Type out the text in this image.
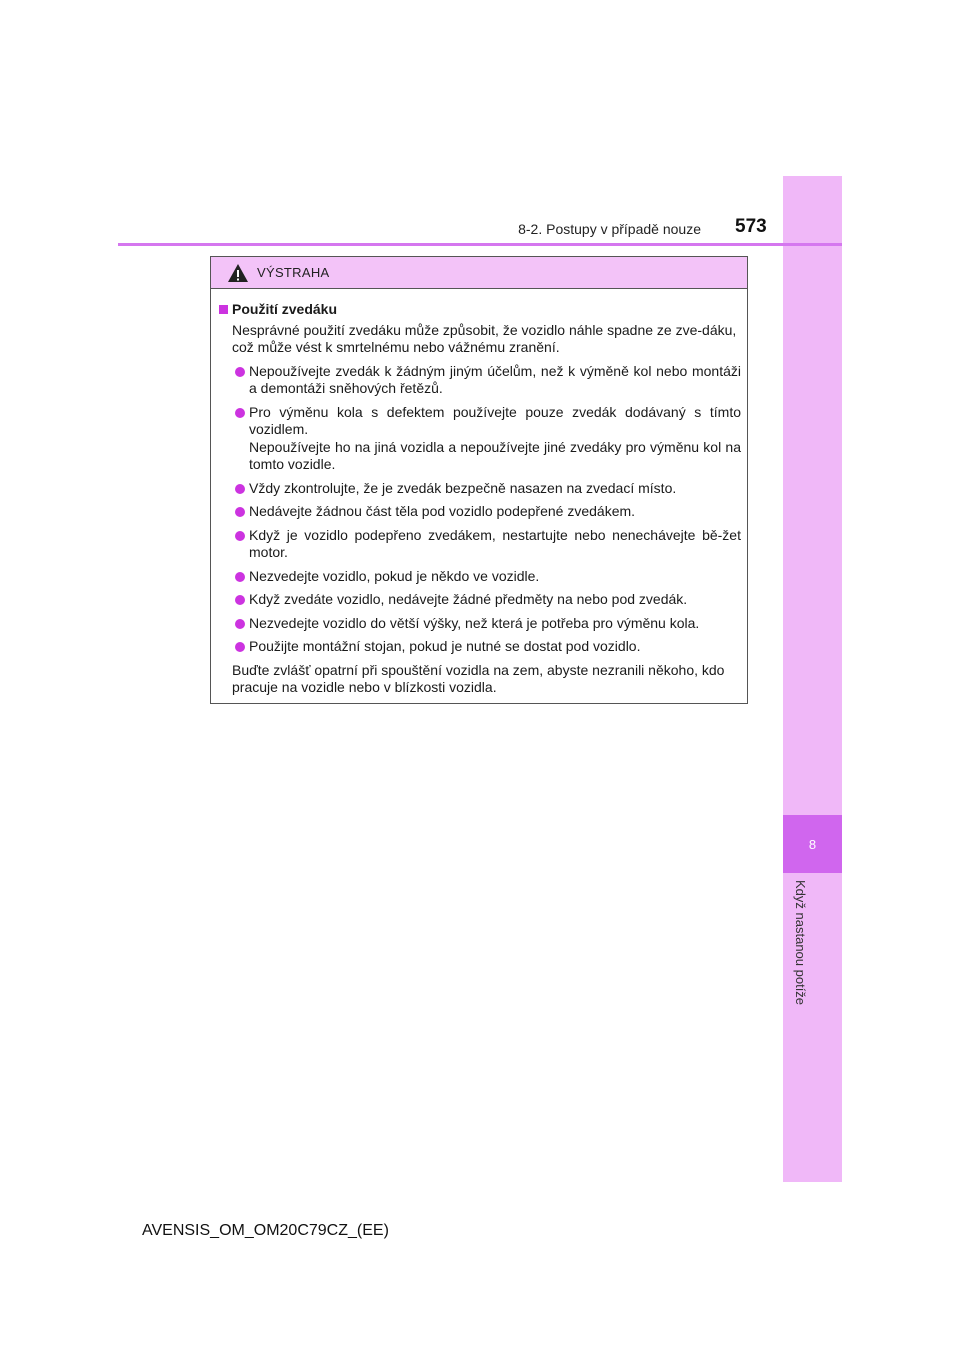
8
Když nastanou potíže
8-2. Postupy v případě nouze 573
VÝSTRAHA
Použití zvedáku
Nesprávné použití zvedáku může způsobit, že vozidlo náhle spadne ze zve-dáku, což může vést k smrtelnému nebo vážnému zranění.
Nepoužívejte zvedák k žádným jiným účelům, než k výměně kol nebo montáži a demontáži sněhových řetězů.
Pro výměnu kola s defektem používejte pouze zvedák dodávaný s tímto vozidlem.
Nepoužívejte ho na jiná vozidla a nepoužívejte jiné zvedáky pro výměnu kol na tomto vozidle.
Vždy zkontrolujte, že je zvedák bezpečně nasazen na zvedací místo.
Nedávejte žádnou část těla pod vozidlo podepřené zvedákem.
Když je vozidlo podepřeno zvedákem, nestartujte nebo nenechávejte bě-žet motor.
Nezvedejte vozidlo, pokud je někdo ve vozidle.
Když zvedáte vozidlo, nedávejte žádné předměty na nebo pod zvedák.
Nezvedejte vozidlo do větší výšky, než která je potřeba pro výměnu kola.
Použijte montážní stojan, pokud je nutné se dostat pod vozidlo.
Buďte zvlášť opatrní při spouštění vozidla na zem, abyste nezranili někoho, kdo pracuje na vozidle nebo v blízkosti vozidla.
AVENSIS_OM_OM20C79CZ_(EE)
